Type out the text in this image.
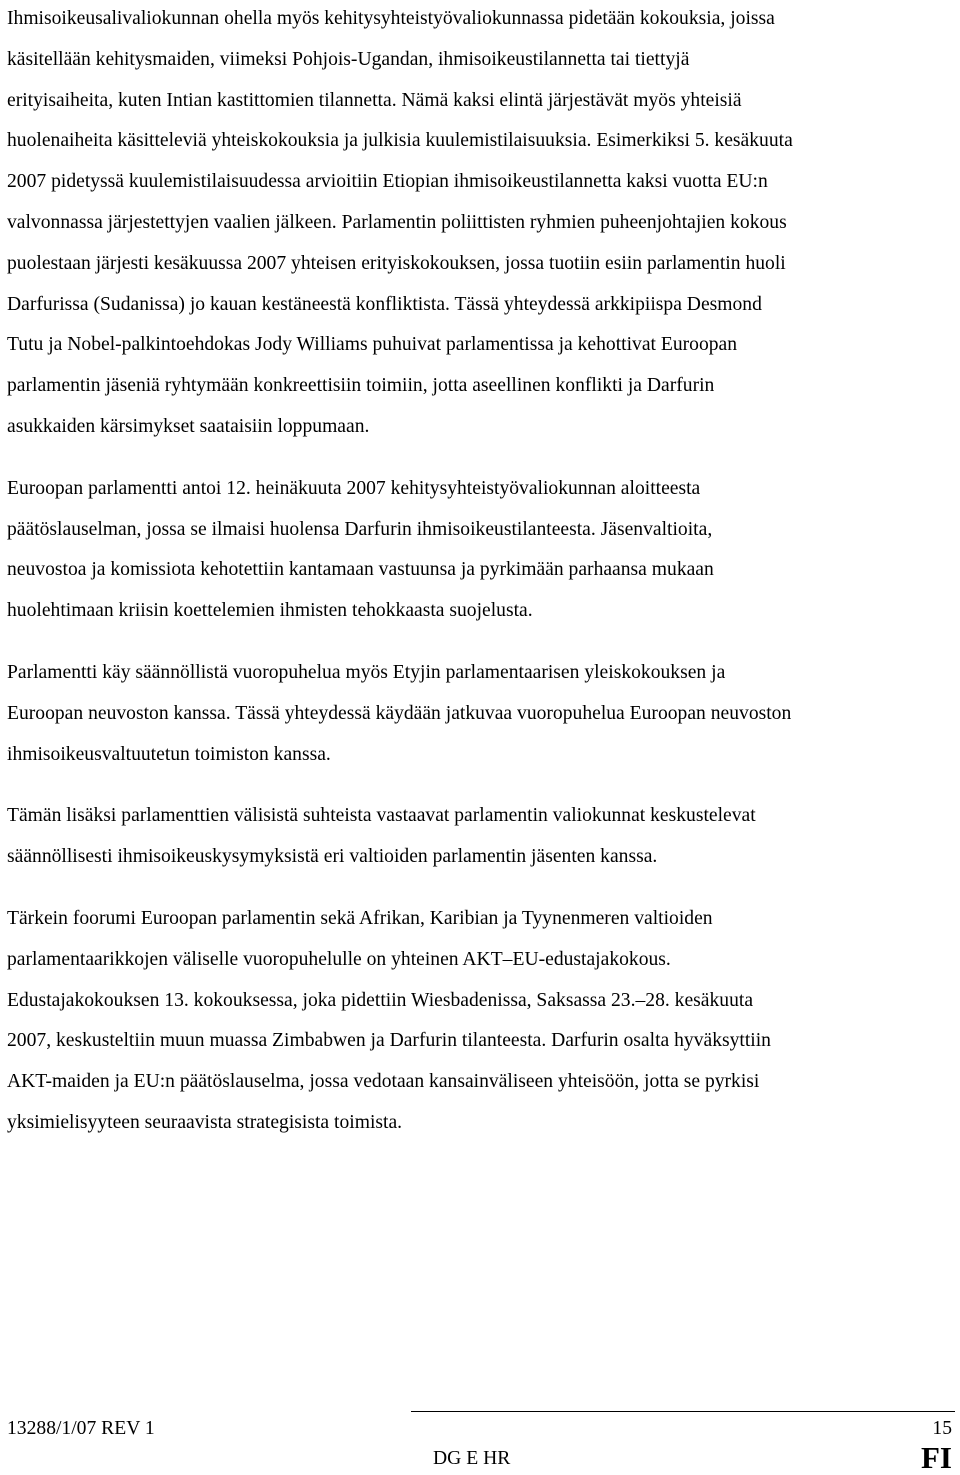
Ihmisoikeusalivaliokunnan ohella myös kehitysyhteistyövaliokunnassa pidetään kokouksia, joissa
käsitellään kehitysmaiden, viimeksi Pohjois-Ugandan, ihmisoikeustilannetta tai tiettyjä
erityisaiheita, kuten Intian kastittomien tilannetta. Nämä kaksi elintä järjestävät myös yhteisiä
huolenaiheita käsitteleviä yhteiskokouksia ja julkisia kuulemistilaisuuksia. Esimerkiksi 5. kesäkuuta
2007 pidetyssä kuulemistilaisuudessa arvioitiin Etiopian ihmisoikeustilannetta kaksi vuotta EU:n
valvonnassa järjestettyjen vaalien jälkeen. Parlamentin poliittisten ryhmien puheenjohtajien kokous
puolestaan järjesti kesäkuussa 2007 yhteisen erityiskokouksen, jossa tuotiin esiin parlamentin huoli
Darfurissa (Sudanissa) jo kauan kestäneestä konfliktista. Tässä yhteydessä arkkipiispa Desmond
Tutu ja Nobel-palkintoehdokas Jody Williams puhuivat parlamentissa ja kehottivat Euroopan
parlamentin jäseniä ryhtymään konkreettisiin toimiin, jotta aseellinen konflikti ja Darfurin
asukkaiden kärsimykset saataisiin loppumaan.

Euroopan parlamentti antoi 12. heinäkuuta 2007 kehitysyhteistyövaliokunnan aloitteesta
päätöslauselman, jossa se ilmaisi huolensa Darfurin ihmisoikeustilanteesta. Jäsenvaltioita,
neuvostoa ja komissiota kehotettiin kantamaan vastuunsa ja pyrkimään parhaansa mukaan
huolehtimaan kriisin koettelemien ihmisten tehokkaasta suojelusta.

Parlamentti käy säännöllistä vuoropuhelua myös Etyjin parlamentaarisen yleiskokouksen ja
Euroopan neuvoston kanssa. Tässä yhteydessä käydään jatkuvaa vuoropuhelua Euroopan neuvoston
ihmisoikeusvaltuutetun toimiston kanssa.

Tämän lisäksi parlamenttien välisistä suhteista vastaavat parlamentin valiokunnat keskustelevat
säännöllisesti ihmisoikeuskysymyksistä eri valtioiden parlamentin jäsenten kanssa.

Tärkein foorumi Euroopan parlamentin sekä Afrikan, Karibian ja Tyynenmeren valtioiden
parlamentaarikkojen väliselle vuoropuhelulle on yhteinen AKT–EU-edustajakokous.
Edustajakokouksen 13. kokouksessa, joka pidettiin Wiesbadenissa, Saksassa 23.–28. kesäkuuta
2007, keskusteltiin muun muassa Zimbabwen ja Darfurin tilanteesta. Darfurin osalta hyväksyttiin
AKT-maiden ja EU:n päätöslauselma, jossa vedotaan kansainväliseen yhteisöön, jotta se pyrkisi
yksimielisyyteen seuraavista strategisista toimista.

13288/1/07 REV 1	15
DG E HR	FI
